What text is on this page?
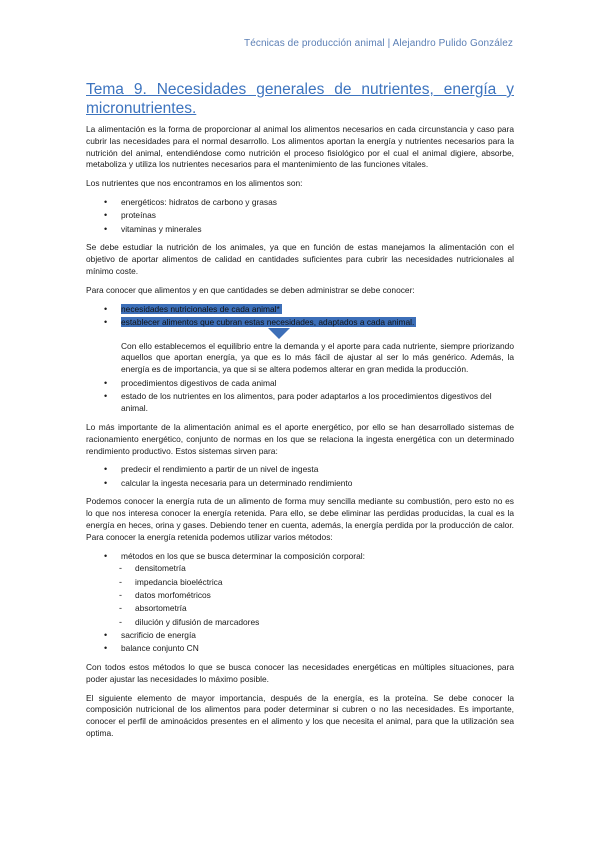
Técnicas de producción animal | Alejandro Pulido González
Tema 9. Necesidades generales de nutrientes, energía y micronutrientes.

La alimentación es la forma de proporcionar al animal los alimentos necesarios en cada circunstancia y caso para cubrir las necesidades para el normal desarrollo. Los alimentos aportan la energía y nutrientes necesarios para la nutrición del animal, entendiéndose como nutrición el proceso fisiológico por el cual el animal digiere, absorbe, metaboliza y utiliza los nutrientes necesarios para el mantenimiento de las funciones vitales.

Los nutrientes que nos encontramos en los alimentos son:

• energéticos: hidratos de carbono y grasas
• proteínas
• vitaminas y minerales

Se debe estudiar la nutrición de los animales, ya que en función de estas manejamos la alimentación con el objetivo de aportar alimentos de calidad en cantidades suficientes para cubrir las necesidades nutricionales al mínimo coste.

Para conocer que alimentos y en que cantidades se deben administrar se debe conocer:

• necesidades nutricionales de cada animal*
• establecer alimentos que cubran estas necesidades, adaptados a cada animal.
Con ello establecemos el equilibrio entre la demanda y el aporte para cada nutriente, siempre priorizando aquellos que aportan energía, ya que es lo más fácil de ajustar al ser lo más genérico. Además, la energía es de importancia, ya que si se altera podemos alterar en gran medida la producción.
• procedimientos digestivos de cada animal
• estado de los nutrientes en los alimentos, para poder adaptarlos a los procedimientos digestivos del animal.

Lo más importante de la alimentación animal es el aporte energético, por ello se han desarrollado sistemas de racionamiento energético, conjunto de normas en los que se relaciona la ingesta energética con un determinado rendimiento productivo. Estos sistemas sirven para:

• predecir el rendimiento a partir de un nivel de ingesta
• calcular la ingesta necesaria para un determinado rendimiento

Podemos conocer la energía ruta de un alimento de forma muy sencilla mediante su combustión, pero esto no es lo que nos interesa conocer la energía retenida. Para ello, se debe eliminar las perdidas producidas, la cual es la energía en heces, orina y gases. Debiendo tener en cuenta, además, la energía perdida por la producción de calor. Para conocer la energía retenida podemos utilizar varios métodos:

• métodos en los que se busca determinar la composición corporal:
- densitometría
- impedancia bioeléctrica
- datos morfométricos
- absortometría
- dilución y difusión de marcadores
• sacrificio de energía
• balance conjunto CN

Con todos estos métodos lo que se busca conocer las necesidades energéticas en múltiples situaciones, para poder ajustar las necesidades lo máximo posible.

El siguiente elemento de mayor importancia, después de la energía, es la proteína. Se debe conocer la composición nutricional de los alimentos para poder determinar si cubren o no las necesidades. Es importante, conocer el perfil de aminoácidos presentes en el alimento y los que necesita el animal, para que la utilización sea optima.
